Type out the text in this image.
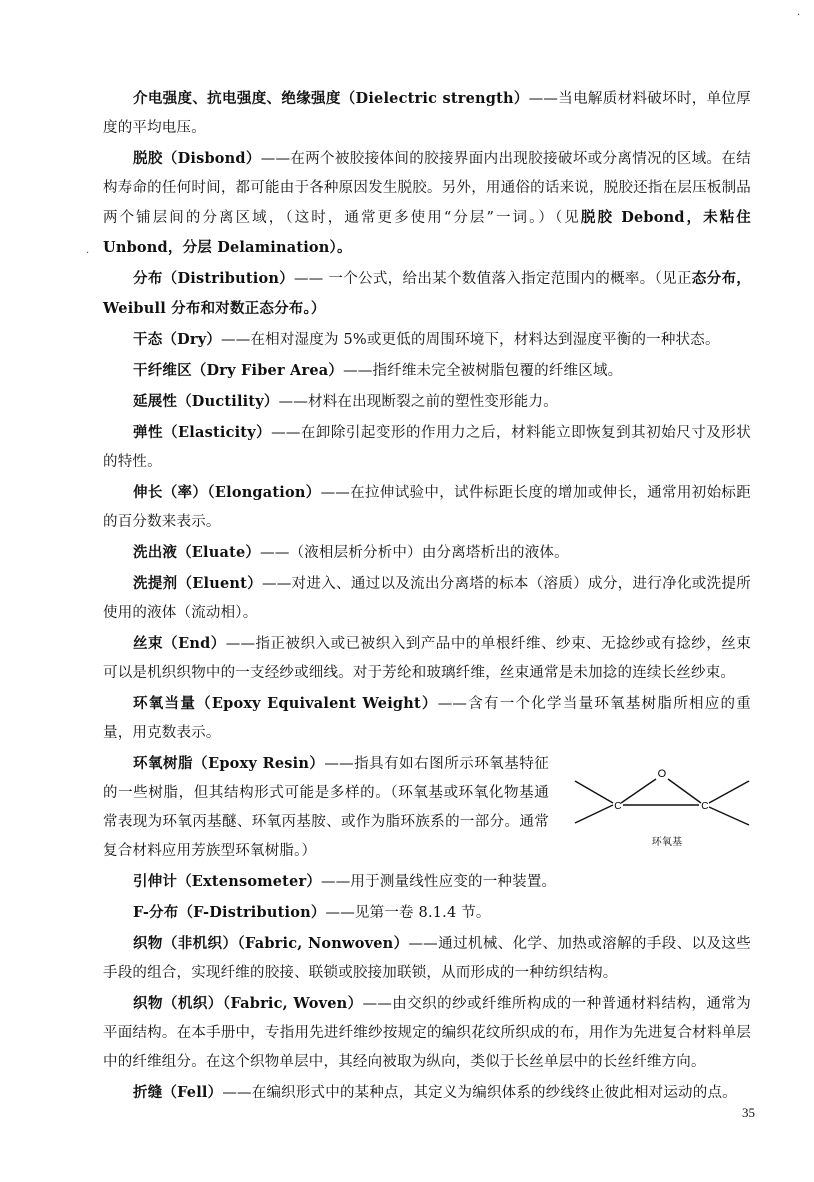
·
·

介电强度、抗电强度、绝缘强度（Dielectric strength）——当电解质材料破坏时，单位厚度的平均电压。

脱胶（Disbond）——在两个被胶接体间的胶接界面内出现胶接破坏或分离情况的区域。在结构寿命的任何时间，都可能由于各种原因发生脱胶。另外，用通俗的话来说，脱胶还指在层压板制品两个铺层间的分离区域，（这时，通常更多使用“分层”一词。）（见脱胶 Debond，未粘住 Unbond，分层 Delamination）。

分布（Distribution）—— 一个公式，给出某个数值落入指定范围内的概率。（见正态分布，Weibull 分布和对数正态分布。）

干态（Dry）——在相对湿度为 5%或更低的周围环境下，材料达到湿度平衡的一种状态。

干纤维区（Dry Fiber Area）——指纤维未完全被树脂包覆的纤维区域。

延展性（Ductility）——材料在出现断裂之前的塑性变形能力。

弹性（Elasticity）——在卸除引起变形的作用力之后，材料能立即恢复到其初始尺寸及形状的特性。

伸长（率）（Elongation）——在拉伸试验中，试件标距长度的增加或伸长，通常用初始标距的百分数来表示。

洗出液（Eluate）——（液相层析分析中）由分离塔析出的液体。

洗提剂（Eluent）——对进入、通过以及流出分离塔的标本（溶质）成分，进行净化或洗提所使用的液体（流动相）。

丝束（End）——指正被织入或已被织入到产品中的单根纤维、纱束、无捻纱或有捻纱，丝束可以是机织织物中的一支经纱或细线。对于芳纶和玻璃纤维，丝束通常是未加捻的连续长丝纱束。

环氧当量（Epoxy Equivalent Weight）——含有一个化学当量环氧基树脂所相应的重量，用克数表示。

O
C	C
环氧基
环氧树脂（Epoxy Resin）——指具有如右图所示环氧基特征的一些树脂，但其结构形式可能是多样的。（环氧基或环氧化物基通常表现为环氧丙基醚、环氧丙基胺、或作为脂环族系的一部分。通常复合材料应用芳族型环氧树脂。）

引伸计（Extensometer）——用于测量线性应变的一种装置。

F-分布（F-Distribution）——见第一卷 8.1.4 节。

织物（非机织）（Fabric, Nonwoven）——通过机械、化学、加热或溶解的手段、以及这些手段的组合，实现纤维的胶接、联锁或胶接加联锁，从而形成的一种纺织结构。

织物（机织）（Fabric, Woven）——由交织的纱或纤维所构成的一种普通材料结构，通常为平面结构。在本手册中，专指用先进纤维纱按规定的编织花纹所织成的布，用作为先进复合材料单层中的纤维组分。在这个织物单层中，其经向被取为纵向，类似于长丝单层中的长丝纤维方向。

折缝（Fell）——在编织形式中的某种点，其定义为编织体系的纱线终止彼此相对运动的点。

35
